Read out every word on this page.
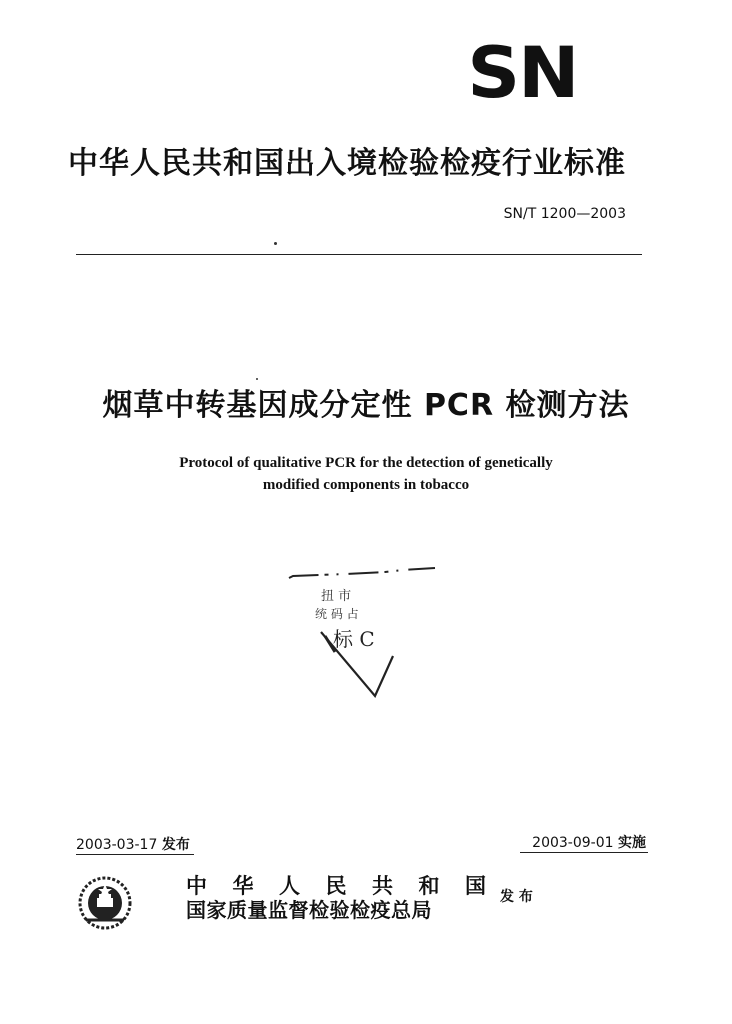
SN
中华人民共和国出入境检验检疫行业标准
SN/T 1200—2003
烟草中转基因成分定性 PCR 检测方法
Protocol of qualitative PCR for the detection of genetically
modified components in tobacco
扭 市
统 码 占
标 C
2003-03-17 发布	2003-09-01 实施
中 华 人 民 共 和 国
国家质量监督检验检疫总局
发 布
